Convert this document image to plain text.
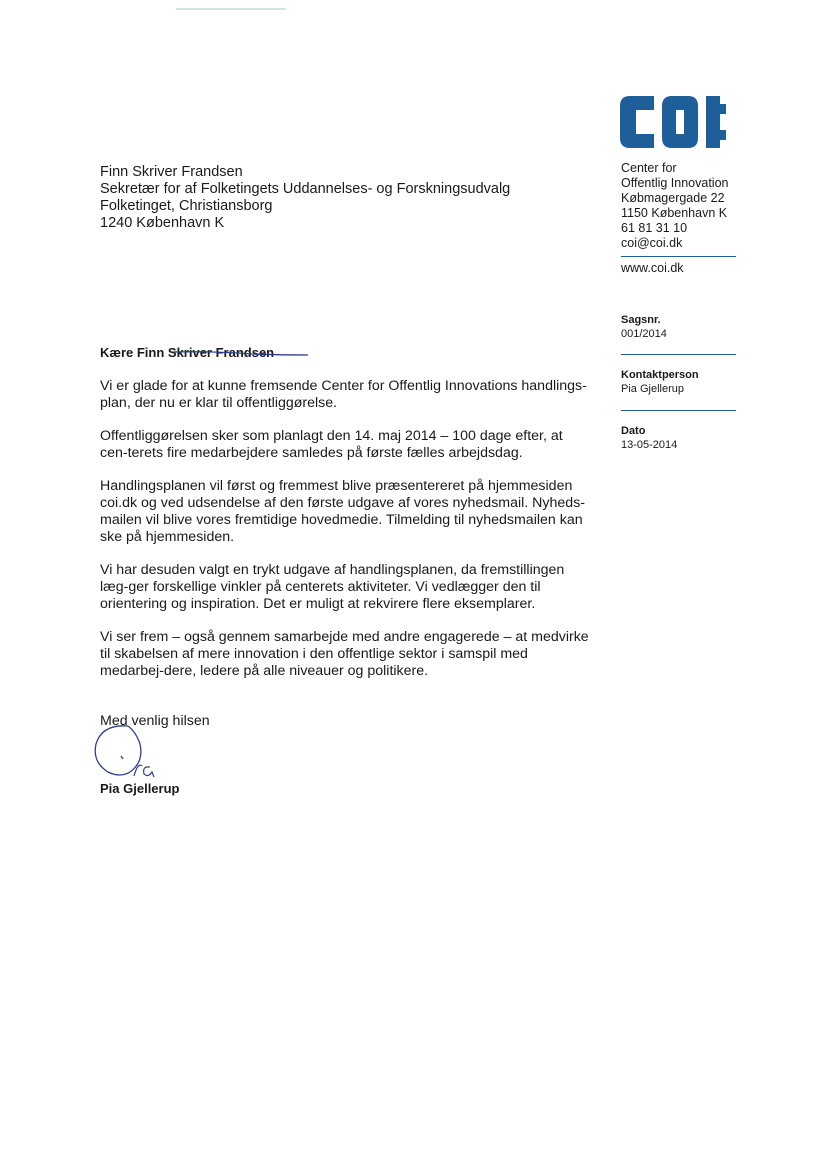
Finn Skriver Frandsen
Sekretær for af Folketingets Uddannelses- og Forskningsudvalg
Folketinget, Christiansborg
1240 København K
Center for
Offentlig Innovation
Købmagergade 22
1150 København K
61 81 31 10
coi@coi.dk
www.coi.dk
Sagsnr.
001/2014
Kontaktperson
Pia Gjellerup
Dato
13-05-2014
Kære Finn Skriver Frandsen

Vi er glade for at kunne fremsende Center for Offentlig Innovations handlings-plan, der nu er klar til offentliggørelse.

Offentliggørelsen sker som planlagt den 14. maj 2014 – 100 dage efter, at cen-terets fire medarbejdere samledes på første fælles arbejdsdag.

Handlingsplanen vil først og fremmest blive præsentereret på hjemmesiden coi.dk og ved udsendelse af den første udgave af vores nyhedsmail. Nyheds-mailen vil blive vores fremtidige hovedmedie. Tilmelding til nyhedsmailen kan ske på hjemmesiden.

Vi har desuden valgt en trykt udgave af handlingsplanen, da fremstillingen læg-ger forskellige vinkler på centerets aktiviteter. Vi vedlægger den til orientering og inspiration. Det er muligt at rekvirere flere eksemplarer.

Vi ser frem – også gennem samarbejde med andre engagerede – at medvirke til skabelsen af mere innovation i den offentlige sektor i samspil med medarbej-dere, ledere på alle niveauer og politikere.

Med venlig hilsen
Pia Gjellerup
